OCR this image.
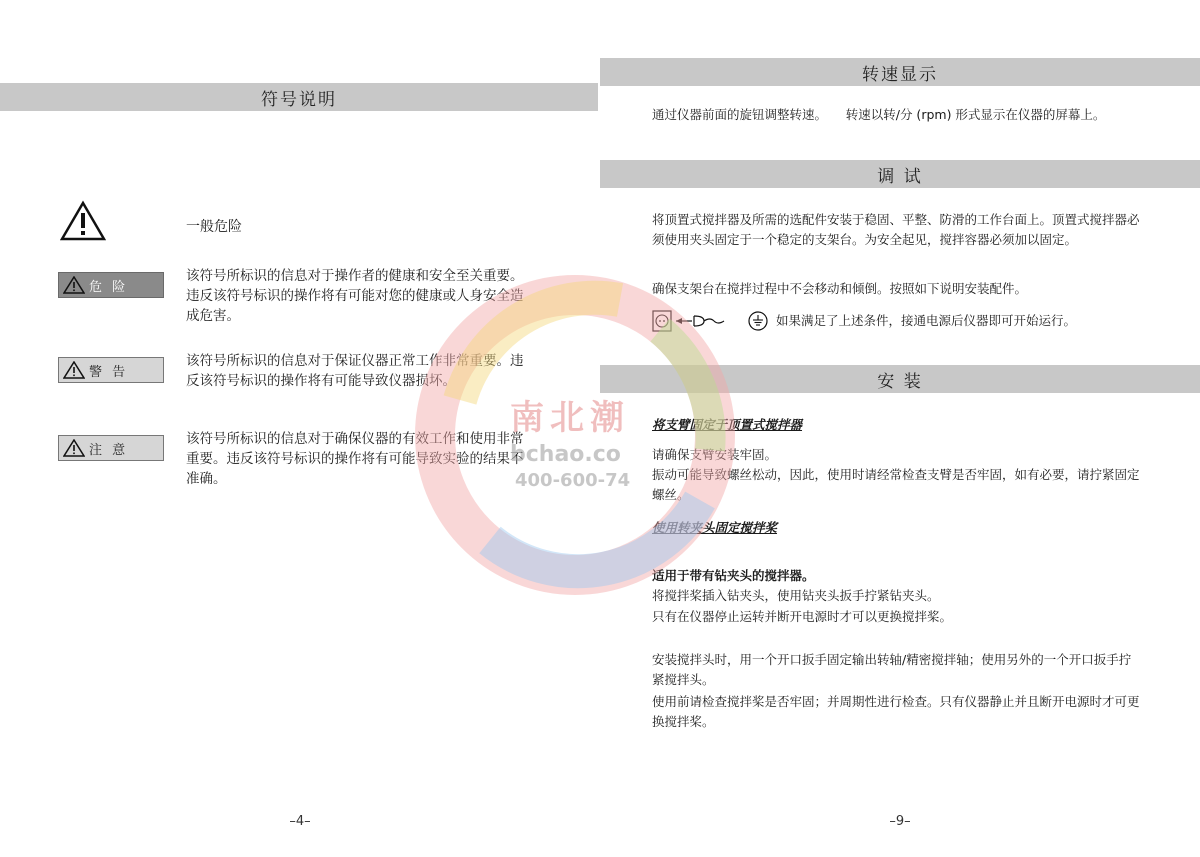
符号说明
一般危险
危 险
该符号所标识的信息对于操作者的健康和安全至关重要。违反该符号标识的操作将有可能对您的健康或人身安全造成危害。
警 告
该符号所标识的信息对于保证仪器正常工作非常重要。违反该符号标识的操作将有可能导致仪器损坏。
注 意
该符号所标识的信息对于确保仪器的有效工作和使用非常重要。违反该符号标识的操作将有可能导致实验的结果不准确。
–4–
转速显示
通过仪器前面的旋钮调整转速。　　转速以转/分 (rpm) 形式显示在仪器的屏幕上。
调 试
将顶置式搅拌器及所需的选配件安装于稳固、平整、防滑的工作台面上。顶置式搅拌器必须使用夹头固定于一个稳定的支架台。为安全起见，搅拌容器必须加以固定。
确保支架台在搅拌过程中不会移动和倾倒。按照如下说明安装配件。
如果满足了上述条件，接通电源后仪器即可开始运行。
安 装
将支臂固定于顶置式搅拌器
请确保支臂安装牢固。
振动可能导致螺丝松动，因此，使用时请经常检查支臂是否牢固，如有必要，请拧紧固定螺丝。
使用转夹头固定搅拌桨
适用于带有钻夹头的搅拌器。
将搅拌桨插入钻夹头，使用钻夹头扳手拧紧钻夹头。
只有在仪器停止运转并断开电源时才可以更换搅拌桨。
安装搅拌头时，用一个开口扳手固定输出转轴/精密搅拌轴；使用另外的一个开口扳手拧紧搅拌头。
使用前请检查搅拌桨是否牢固；并周期性进行检查。只有仪器静止并且断开电源时才可更换搅拌桨。
–9–
南北潮
bchao.co
400-600-74
